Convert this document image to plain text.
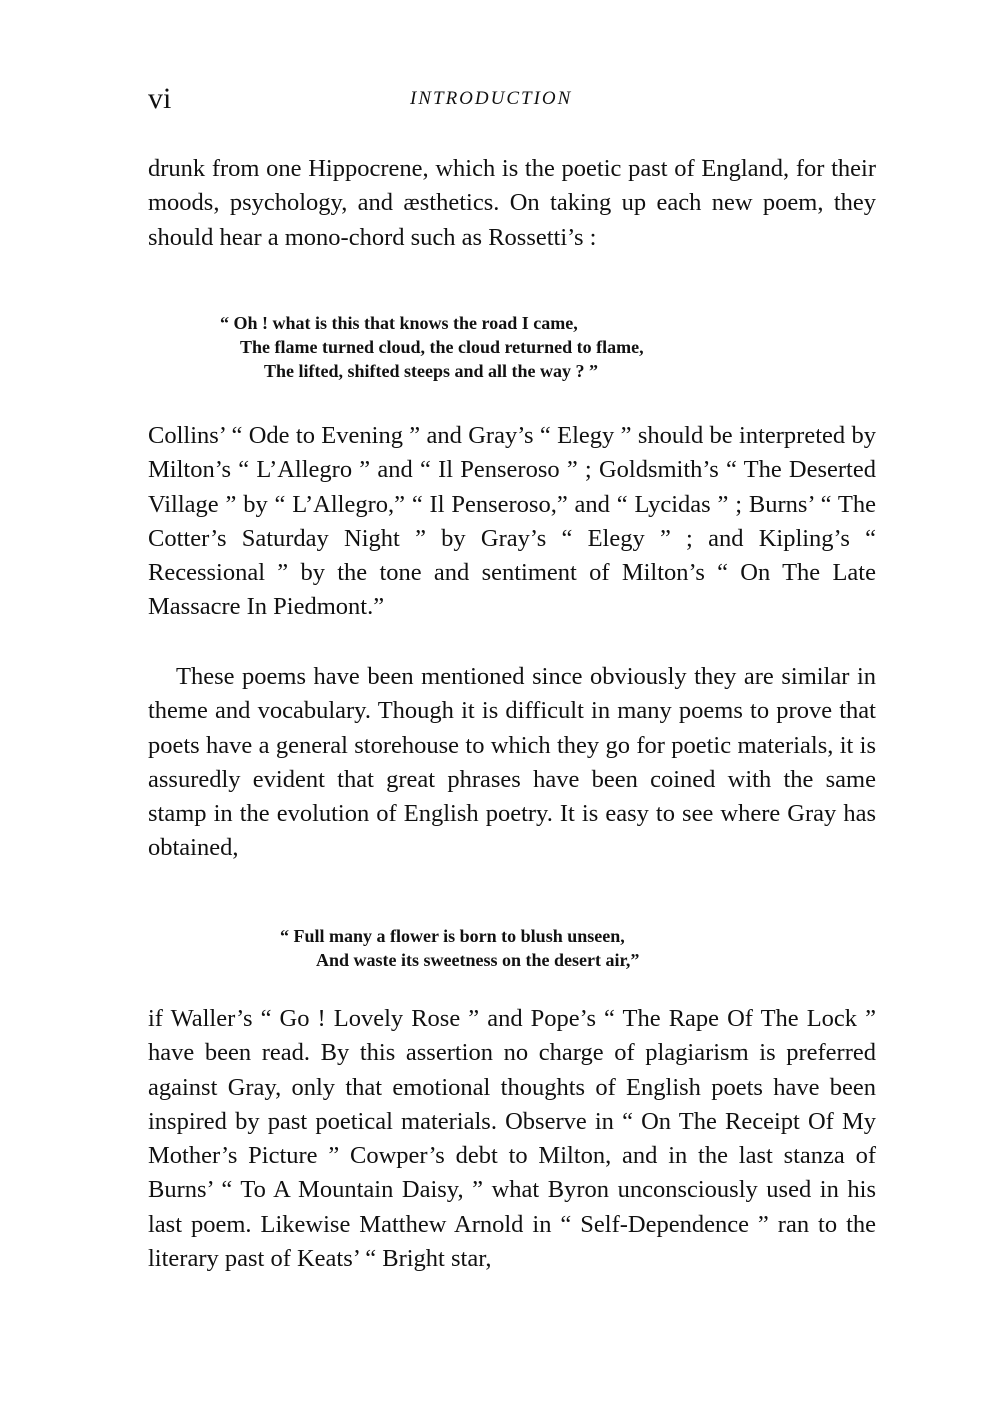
vi	INTRODUCTION

drunk from one Hippocrene, which is the poetic past of England, for their moods, psychology, and æsthetics. On taking up each new poem, they should hear a mono-chord such as Rossetti’s :

“ Oh ! what is this that knows the road I came,
The flame turned cloud, the cloud returned to flame,
The lifted, shifted steeps and all the way ? ”

Collins’ “ Ode to Evening ” and Gray’s “ Elegy ” should be interpreted by Milton’s “ L’Allegro ” and “ Il Penseroso ” ; Goldsmith’s “ The Deserted Village ” by “ L’Allegro,” “ Il Penseroso,” and “ Lycidas ” ; Burns’ “ The Cotter’s Saturday Night ” by Gray’s “ Elegy ” ; and Kipling’s “ Recessional ” by the tone and sentiment of Milton’s “ On The Late Massacre In Piedmont.”

These poems have been mentioned since obviously they are similar in theme and vocabulary. Though it is difficult in many poems to prove that poets have a general storehouse to which they go for poetic materials, it is assuredly evident that great phrases have been coined with the same stamp in the evolution of English poetry. It is easy to see where Gray has obtained,

“ Full many a flower is born to blush unseen,
And waste its sweetness on the desert air,”

if Waller’s “ Go ! Lovely Rose ” and Pope’s “ The Rape Of The Lock ” have been read. By this assertion no charge of plagiarism is preferred against Gray, only that emotional thoughts of English poets have been inspired by past poetical materials. Observe in “ On The Receipt Of My Mother’s Picture ” Cowper’s debt to Milton, and in the last stanza of Burns’ “ To A Mountain Daisy, ” what Byron unconsciously used in his last poem. Likewise Matthew Arnold in “ Self-Dependence ” ran to the literary past of Keats’ “ Bright star,
